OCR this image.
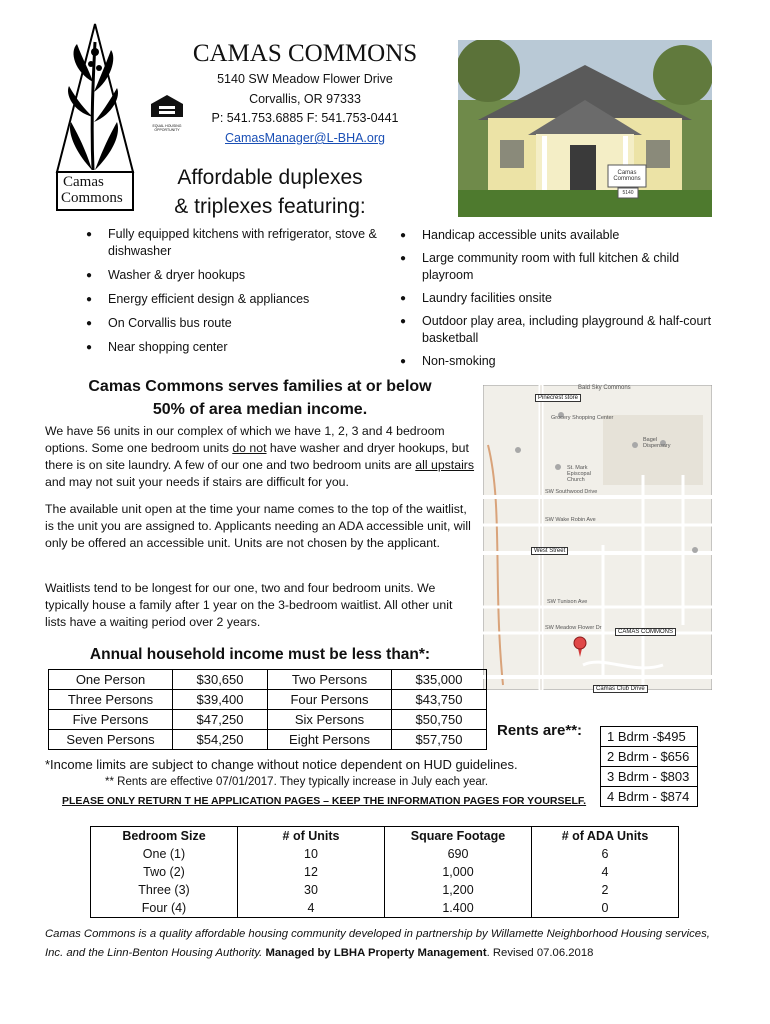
Camas
Commons
EQUAL HOUSING
OPPORTUNITY
CAMAS COMMONS
5140 SW Meadow Flower Drive
Corvallis, OR 97333
P: 541.753.6885 F: 541.753-0441
CamasManager@L-BHA.org
Camas Commons
5140
Affordable duplexes
& triplexes featuring:
● Fully equipped kitchens with refrigerator, stove & dishwasher
● Washer & dryer hookups
● Energy efficient design & appliances
● On Corvallis bus route
● Near shopping center
● Handicap accessible units available
● Large community room with full kitchen & child playroom
● Laundry facilities onsite
● Outdoor play area, including playground & half-court basketball
● Non-smoking
Camas Commons serves families at or below
50% of area median income.
We have 56 units in our complex of which we have 1, 2, 3 and 4 bedroom options. Some one bedroom units do not have washer and dryer hookups, but there is on site laundry. A few of our one and two bedroom units are all upstairs and may not suit your needs if stairs are difficult for you.
The available unit open at the time your name comes to the top of the waitlist, is the unit you are assigned to. Applicants needing an ADA accessible unit, will only be offered an accessible unit. Units are not chosen by the applicant.
Waitlists tend to be longest for our one, two and four bedroom units. We typically house a family after 1 year on the 3-bedroom waitlist. All other unit lists have a waiting period over 2 years.
Bald Sky Commons
Pinecrest store
Grocery Shopping Center
St. Mark Episcopal Church
Bagel Dispensary
SW Southwood Drive
SW Wake Robin Ave
West Street
SW Tunison Ave
SW Meadow Flower Dr
CAMAS COMMONS
Camas Club Drive
Annual household income must be less than*:
One Person	$30,650	Two Persons	$35,000
Three Persons	$39,400	Four Persons	$43,750
Five Persons	$47,250	Six Persons	$50,750
Seven Persons	$54,250	Eight Persons	$57,750
Rents are**: 1 Bdrm -$495
2 Bdrm - $656
3 Bdrm - $803
4 Bdrm - $874
*Income limits are subject to change without notice dependent on HUD guidelines.
** Rents are effective 07/01/2017. They typically increase in July each year.
PLEASE ONLY RETURN T HE APPLICATION PAGES – KEEP THE INFORMATION PAGES FOR YOURSELF.
Bedroom Size	# of Units	Square Footage	# of ADA Units
One (1)	10	690	6
Two (2)	12	1,000	4
Three (3)	30	1,200	2
Four (4)	4	1.400	0
Camas Commons is a quality affordable housing community developed in partnership by Willamette Neighborhood Housing services, Inc. and the Linn-Benton Housing Authority. Managed by LBHA Property Management. Revised 07.06.2018
